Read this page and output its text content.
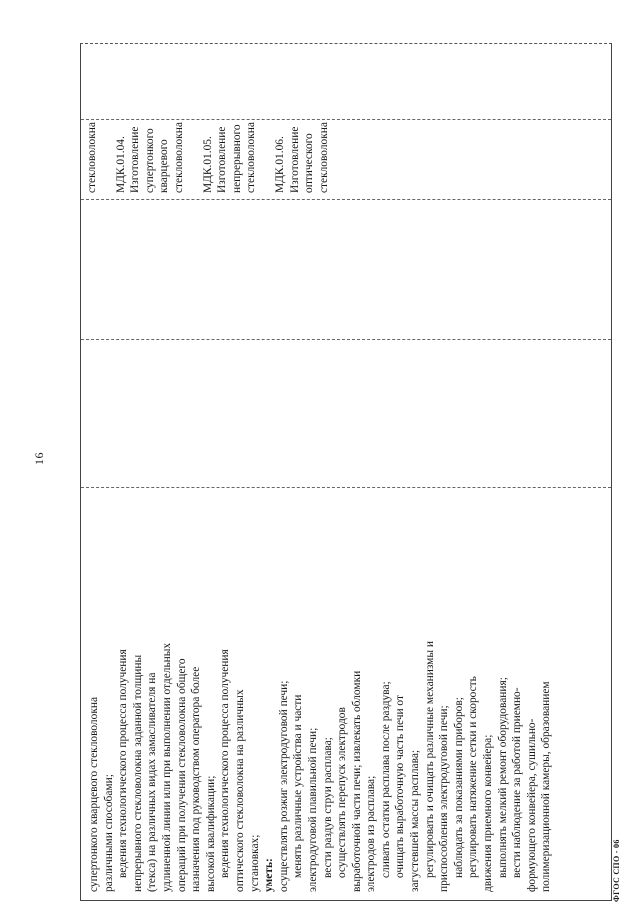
16
супертонкого кварцевого стекловолокна различными способами; ведения технологического процесса получения непрерывного стекловолокна заданной толщины (текса) на различных видах замасливателя на удлиненной линии или при выполнении отдельных операций при получении стекловолокна общего назначения под руководством оператора более высокой квалификации; ведения технологического процесса получения оптического стекловолокна на различных установках; уметь: осуществлять розжиг электродуговой печи; менять различные устройства и части электродуговой плавильной печи; вести раздув струи расплава; осуществлять перепуск электродов выработочной части печи; извлекать обломки электродов из расплава; сливать остатки расплава после раздува; очищать выработочную часть печи от загустевшей массы расплава; регулировать и очищать различные механизмы и приспособления электродуговой печи; наблюдать за показаниями приборов; регулировать натяжение сетки и скорость движения приемного конвейера; выполнять мелкий ремонт оборудования; вести наблюдение за работой приемно- формующего конвейера, сушильно- полимеризационной камеры, образованием
стекловолокна МДК.01.04. Изготовление супертонкого кварцевого стекловолокна МДК.01.05. Изготовление непрерывного стекловолокна МДК.01.06. Изготовление оптического стекловолокна
ФГОС СПО - 06
